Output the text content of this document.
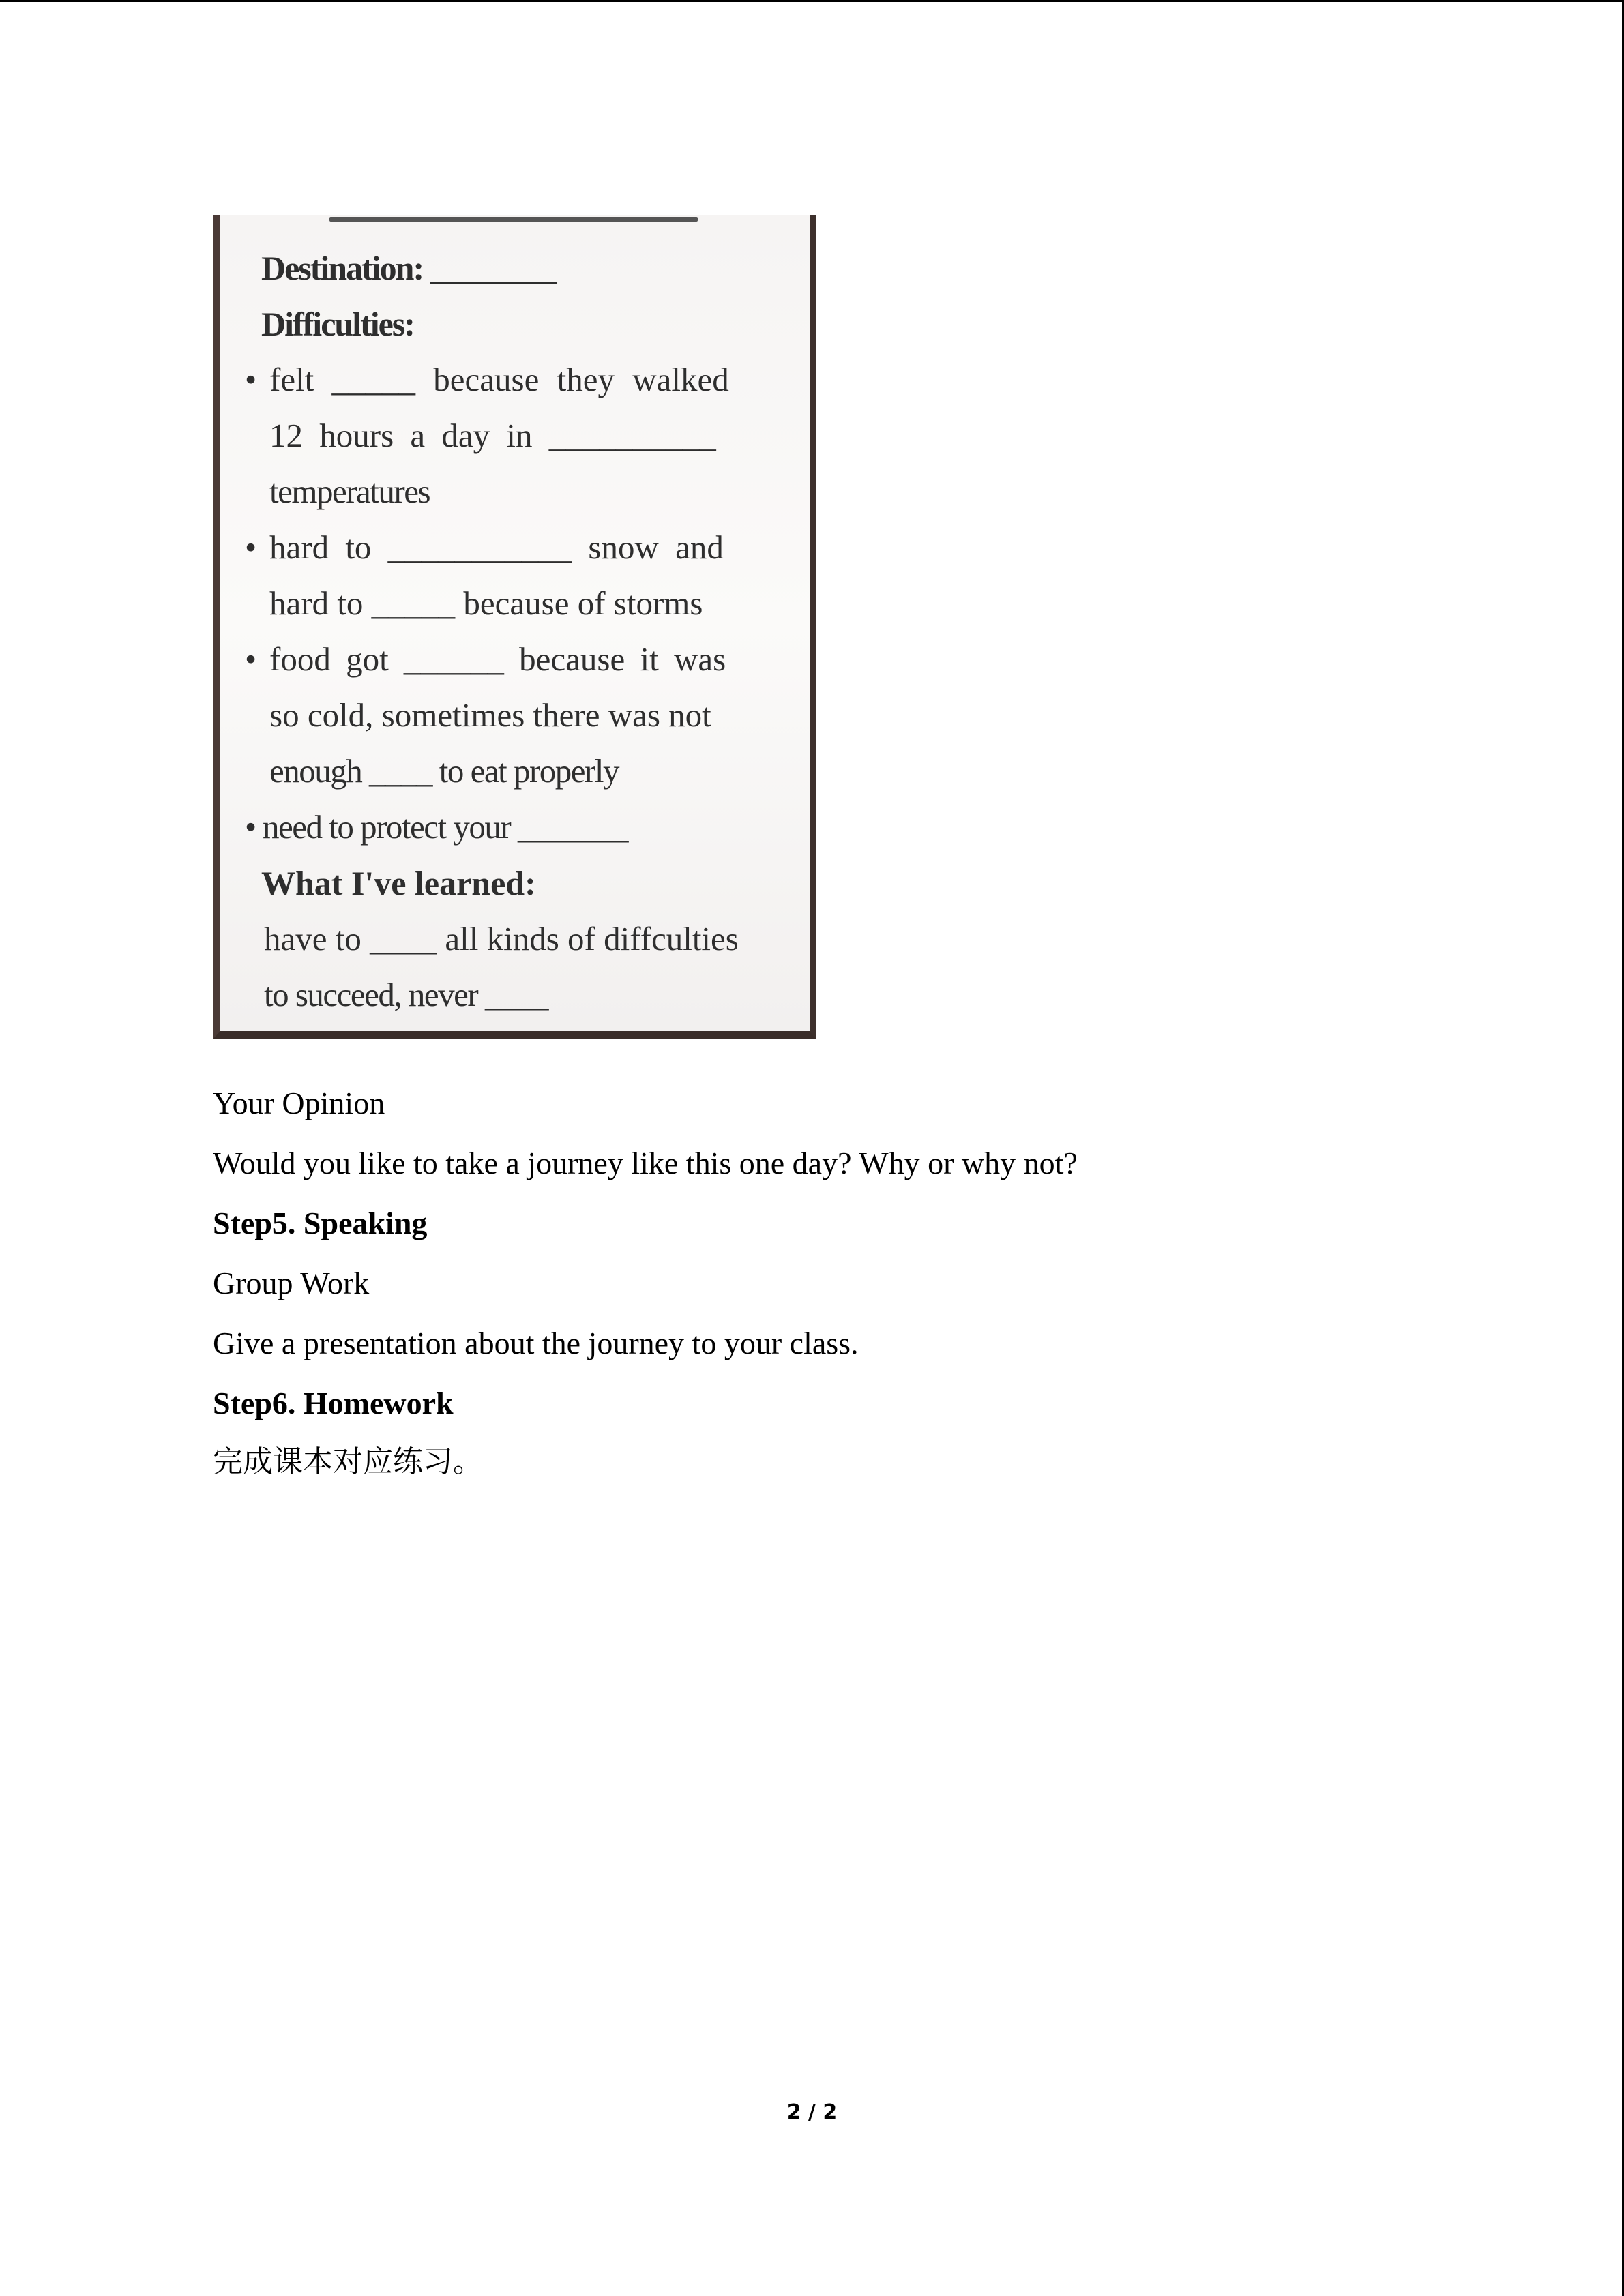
Destination: ________
Difficulties:
• felt _____ because they walked
12 hours a day in __________
temperatures
• hard to ___________ snow and
hard to _____ because of storms
• food got ______ because it was
so cold, sometimes there was not
enough ____ to eat properly
• need to protect your _______
What I've learned:
have to ____ all kinds of diffculties
to succeed, never ____
Your Opinion
Would you like to take a journey like this one day? Why or why not?
Step5. Speaking
Group Work
Give a presentation about the journey to your class.
Step6. Homework
完成课本对应练习。
2 / 2
